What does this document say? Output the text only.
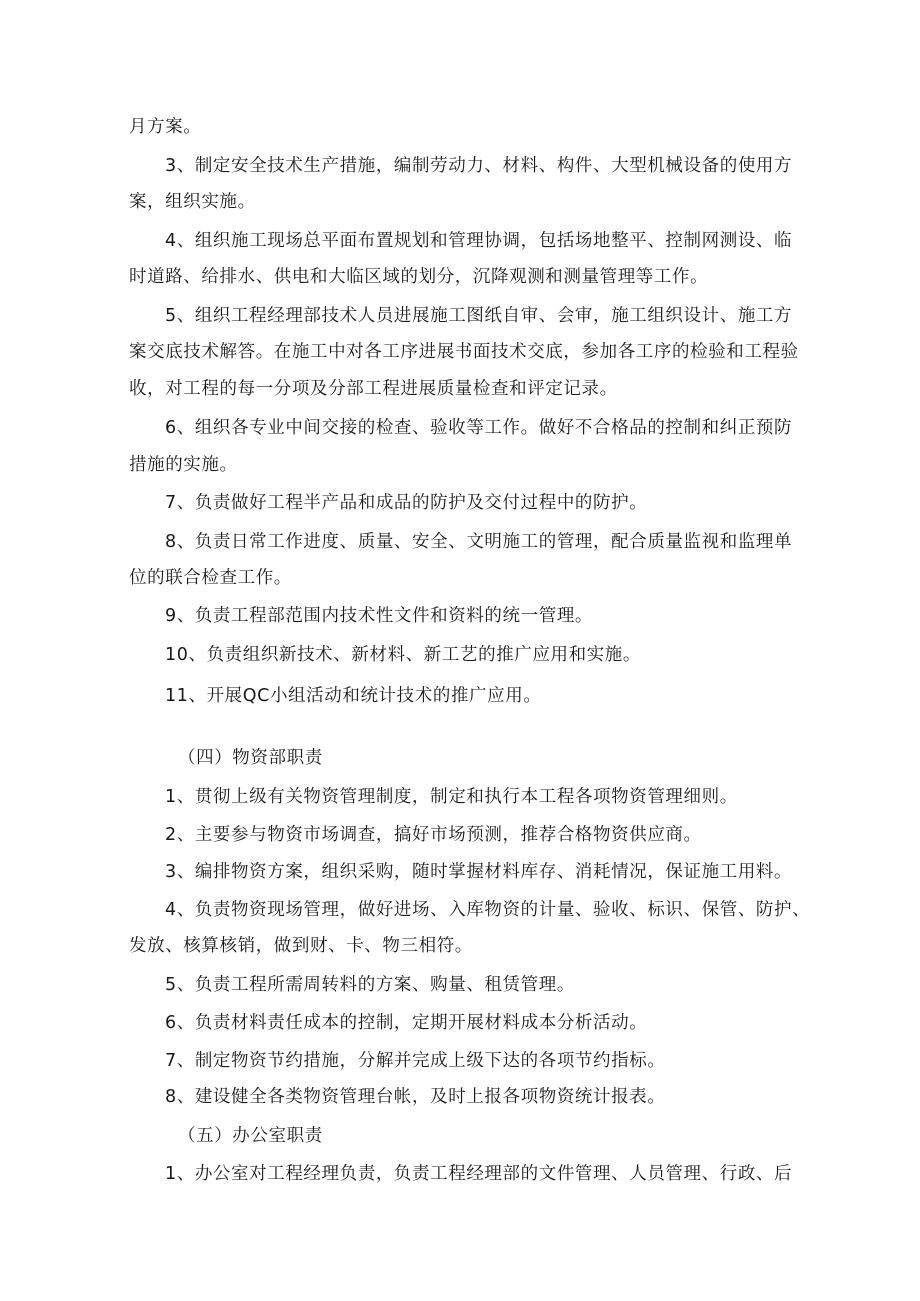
月方案。
3、制定安全技术生产措施，编制劳动力、材料、构件、大型机械设备的使用方
案，组织实施。
4、组织施工现场总平面布置规划和管理协调，包括场地整平、控制网测设、临
时道路、给排水、供电和大临区域的划分，沉降观测和测量管理等工作。
5、组织工程经理部技术人员进展施工图纸自审、会审，施工组织设计、施工方
案交底技术解答。在施工中对各工序进展书面技术交底，参加各工序的检验和工程验
收，对工程的每一分项及分部工程进展质量检查和评定记录。
6、组织各专业中间交接的检查、验收等工作。做好不合格品的控制和纠正预防
措施的实施。
7、负责做好工程半产品和成品的防护及交付过程中的防护。
8、负责日常工作进度、质量、安全、文明施工的管理，配合质量监视和监理单
位的联合检查工作。
9、负责工程部范围内技术性文件和资料的统一管理。
10、负责组织新技术、新材料、新工艺的推广应用和实施。
11、开展QC小组活动和统计技术的推广应用。
（四）物资部职责
1、贯彻上级有关物资管理制度，制定和执行本工程各项物资管理细则。
2、主要参与物资市场调查，搞好市场预测，推荐合格物资供应商。
3、编排物资方案，组织采购，随时掌握材料库存、消耗情况，保证施工用料。
4、负责物资现场管理，做好进场、入库物资的计量、验收、标识、保管、防护、
发放、核算核销，做到财、卡、物三相符。
5、负责工程所需周转料的方案、购量、租赁管理。
6、负责材料责任成本的控制，定期开展材料成本分析活动。
7、制定物资节约措施，分解并完成上级下达的各项节约指标。
8、建设健全各类物资管理台帐，及时上报各项物资统计报表。
（五）办公室职责
1、办公室对工程经理负责，负责工程经理部的文件管理、人员管理、行政、后
